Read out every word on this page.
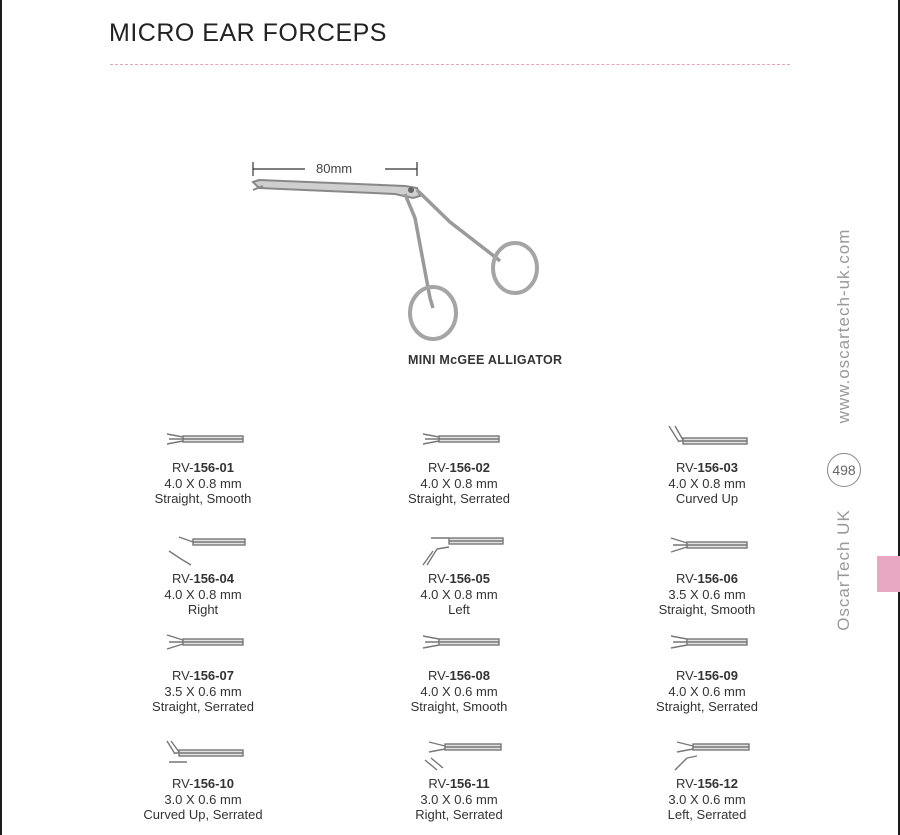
MICRO EAR FORCEPS
80mm
MINI McGEE ALLIGATOR
RV-156-01
4.0 X 0.8 mm
Straight, Smooth
RV-156-02
4.0 X 0.8 mm
Straight, Serrated
RV-156-03
4.0 X 0.8 mm
Curved Up
RV-156-04
4.0 X 0.8 mm
Right
RV-156-05
4.0 X 0.8 mm
Left
RV-156-06
3.5 X 0.6 mm
Straight, Smooth
RV-156-07
3.5 X 0.6 mm
Straight, Serrated
RV-156-08
4.0 X 0.6 mm
Straight, Smooth
RV-156-09
4.0 X 0.6 mm
Straight, Serrated
RV-156-10
3.0 X 0.6 mm
Curved Up, Serrated
RV-156-11
3.0 X 0.6 mm
Right, Serrated
RV-156-12
3.0 X 0.6 mm
Left, Serrated
www.oscartech-uk.com
498
OscarTech UK
